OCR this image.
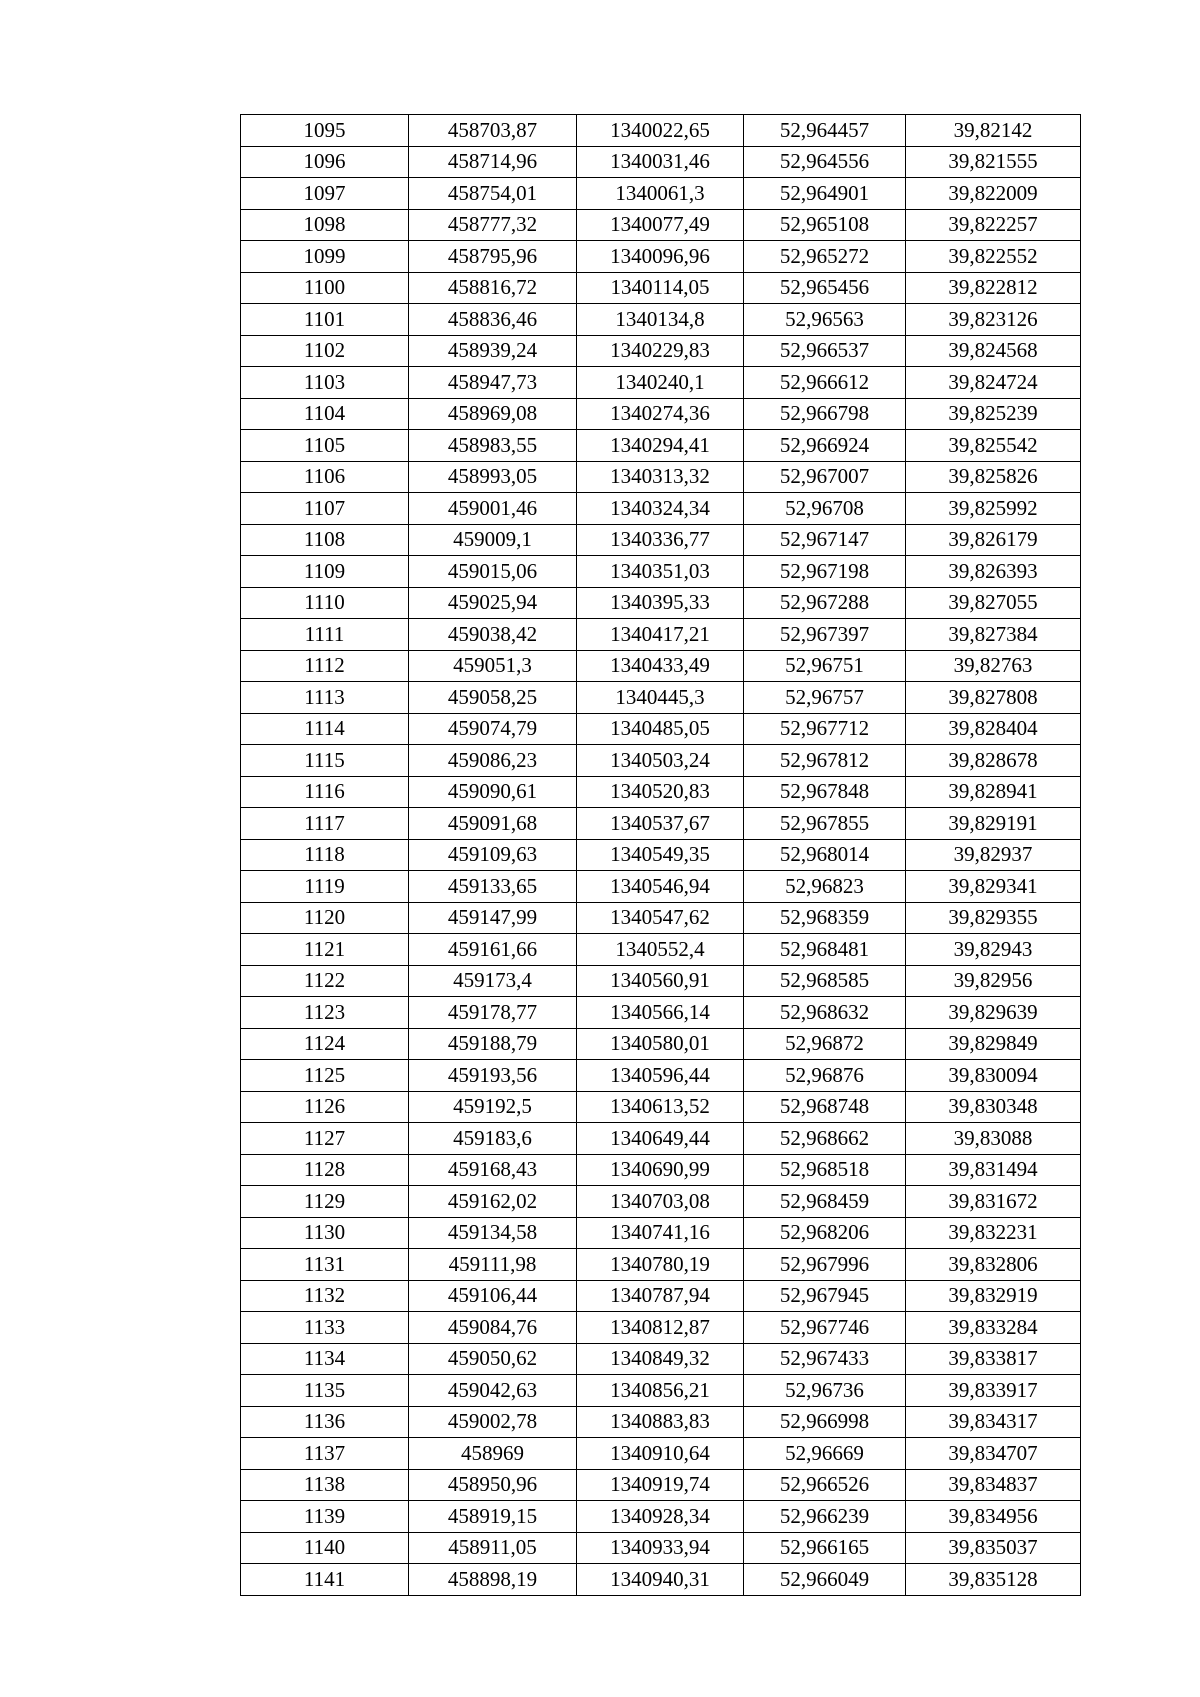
1095	458703,87	1340022,65	52,964457	39,82142
1096	458714,96	1340031,46	52,964556	39,821555
1097	458754,01	1340061,3	52,964901	39,822009
1098	458777,32	1340077,49	52,965108	39,822257
1099	458795,96	1340096,96	52,965272	39,822552
1100	458816,72	1340114,05	52,965456	39,822812
1101	458836,46	1340134,8	52,96563	39,823126
1102	458939,24	1340229,83	52,966537	39,824568
1103	458947,73	1340240,1	52,966612	39,824724
1104	458969,08	1340274,36	52,966798	39,825239
1105	458983,55	1340294,41	52,966924	39,825542
1106	458993,05	1340313,32	52,967007	39,825826
1107	459001,46	1340324,34	52,96708	39,825992
1108	459009,1	1340336,77	52,967147	39,826179
1109	459015,06	1340351,03	52,967198	39,826393
1110	459025,94	1340395,33	52,967288	39,827055
1111	459038,42	1340417,21	52,967397	39,827384
1112	459051,3	1340433,49	52,96751	39,82763
1113	459058,25	1340445,3	52,96757	39,827808
1114	459074,79	1340485,05	52,967712	39,828404
1115	459086,23	1340503,24	52,967812	39,828678
1116	459090,61	1340520,83	52,967848	39,828941
1117	459091,68	1340537,67	52,967855	39,829191
1118	459109,63	1340549,35	52,968014	39,82937
1119	459133,65	1340546,94	52,96823	39,829341
1120	459147,99	1340547,62	52,968359	39,829355
1121	459161,66	1340552,4	52,968481	39,82943
1122	459173,4	1340560,91	52,968585	39,82956
1123	459178,77	1340566,14	52,968632	39,829639
1124	459188,79	1340580,01	52,96872	39,829849
1125	459193,56	1340596,44	52,96876	39,830094
1126	459192,5	1340613,52	52,968748	39,830348
1127	459183,6	1340649,44	52,968662	39,83088
1128	459168,43	1340690,99	52,968518	39,831494
1129	459162,02	1340703,08	52,968459	39,831672
1130	459134,58	1340741,16	52,968206	39,832231
1131	459111,98	1340780,19	52,967996	39,832806
1132	459106,44	1340787,94	52,967945	39,832919
1133	459084,76	1340812,87	52,967746	39,833284
1134	459050,62	1340849,32	52,967433	39,833817
1135	459042,63	1340856,21	52,96736	39,833917
1136	459002,78	1340883,83	52,966998	39,834317
1137	458969	1340910,64	52,96669	39,834707
1138	458950,96	1340919,74	52,966526	39,834837
1139	458919,15	1340928,34	52,966239	39,834956
1140	458911,05	1340933,94	52,966165	39,835037
1141	458898,19	1340940,31	52,966049	39,835128
